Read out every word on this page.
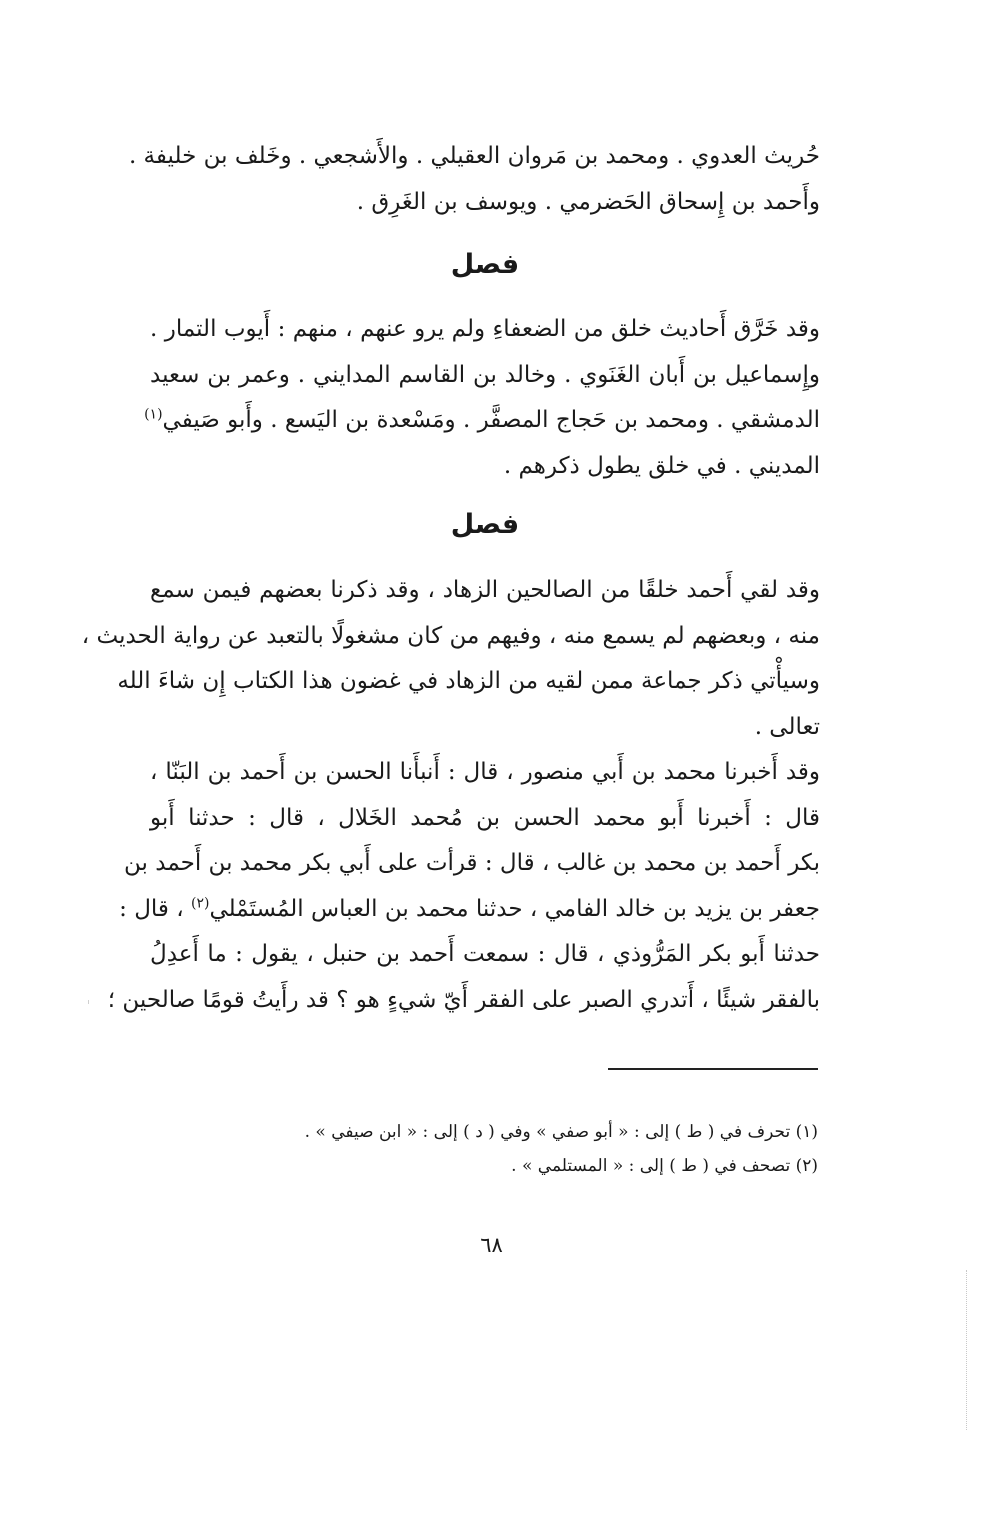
حُريث العدوي . ومحمد بن مَروان العقيلي . والأَشجعي . وخَلف بن خليفة .
وأَحمد بن إِسحاق الحَضرمي . ويوسف بن الغَرِق .
فصل
وقد خَرَّق أَحاديث خلق من الضعفاءِ ولم يرو عنهم ، منهم : أَيوب التمار .
وإِسماعيل بن أَبان الغَنَوي . وخالد بن القاسم المدايني . وعمر بن سعيد
الدمشقي . ومحمد بن حَجاج المصفَّر . ومَسْعدة بن اليَسع . وأَبو صَيفي$^{(١)}$
المديني . في خلق يطول ذكرهم .
فصل
وقد لقي أَحمد خلقًا من الصالحين الزهاد ، وقد ذكرنا بعضهم فيمن سمع
منه ، وبعضهم لم يسمع منه ، وفيهم من كان مشغولًا بالتعبد عن رواية الحديث ،
وسيأْتي ذكر جماعة ممن لقيه من الزهاد في غضون هذا الكتاب إِن شاءَ الله
تعالى .
وقد أَخبرنا محمد بن أَبي منصور ، قال : أَنبأَنا الحسن بن أَحمد بن البَنّا ،
قال : أَخبرنا أَبو محمد الحسن بن مُحمد الخَلال ، قال : حدثنا أَبو
بكر أَحمد بن محمد بن غالب ، قال : قرأت على أَبي بكر محمد بن أَحمد بن
جعفر بن يزيد بن خالد الفامي ، حدثنا محمد بن العباس المُستَمْلي$^{(٢)}$ ، قال :
حدثنا أَبو بكر المَرُّوذي ، قال : سمعت أَحمد بن حنبل ، يقول : ما أَعدِلُ
بالفقر شيئًا ، أَتدري الصبر على الفقر أَيّ شيءٍ هو ؟ قد رأَيتُ قومًا صالحين ؛
(١) تحرف في ( ط ) إلى : « أبو صفي » وفي ( د ) إلى : « ابن صيفي » .
(٢) تصحف في ( ط ) إلى : « المستلمي » .
٦٨
